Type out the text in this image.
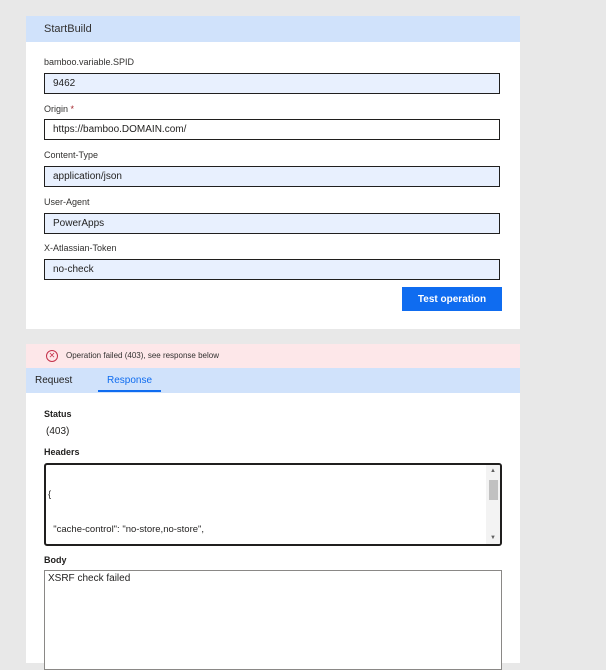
StartBuild
bamboo.variable.SPID
9462
Origin *
https://bamboo.DOMAIN.com/
Content-Type
application/json
User-Agent
PowerApps
X-Atlassian-Token
no-check
Test operation
✕	Operation failed (403), see response below
Request	Response
Status
(403)
Headers

{

"cache-control": "no-store,no-store",

▲
▼
Body
XSRF check failed
